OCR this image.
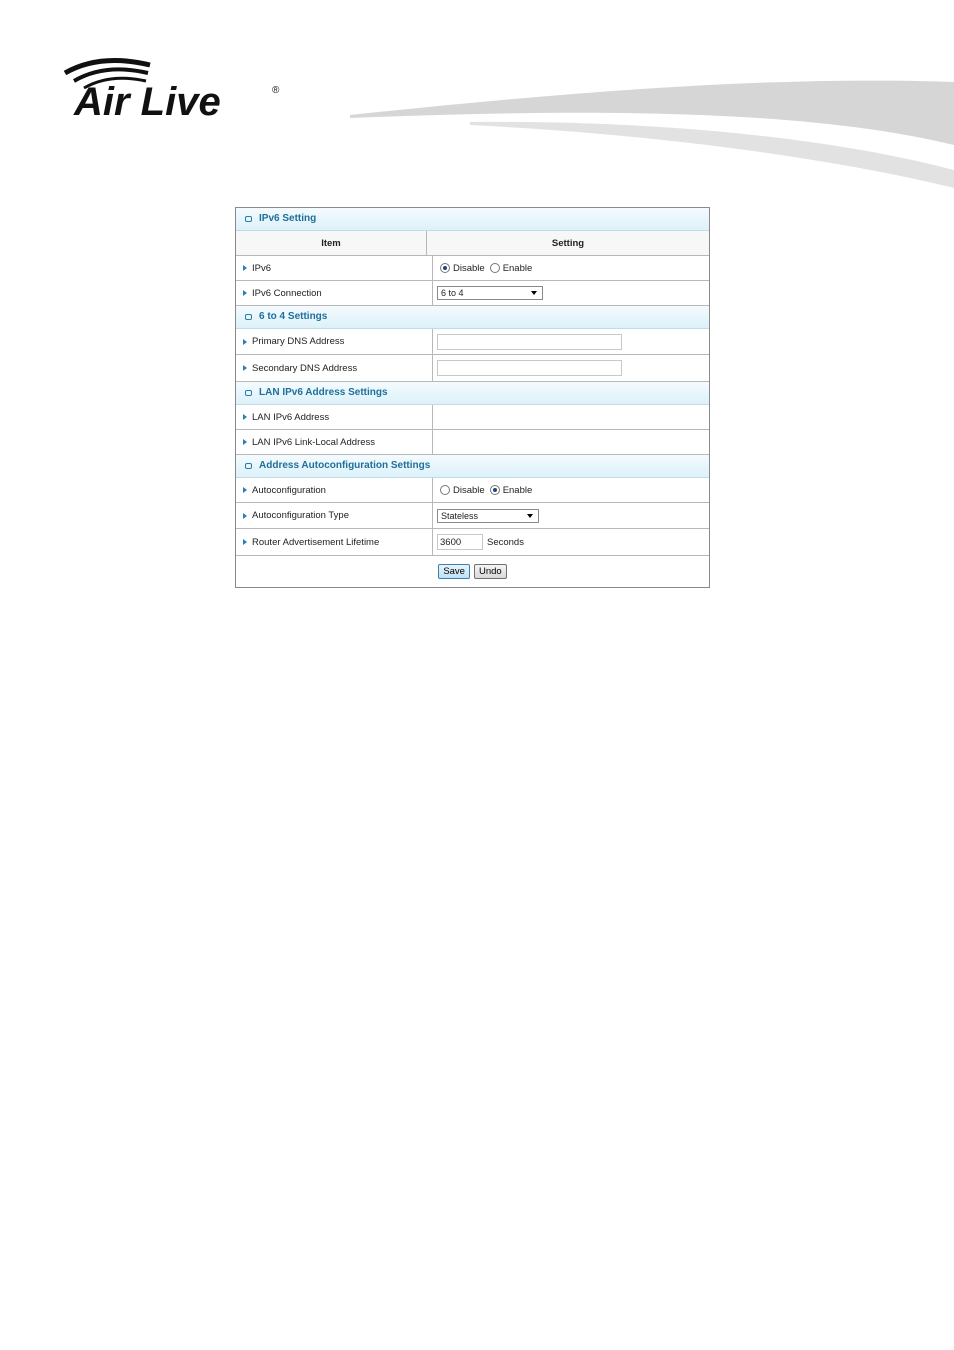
Air Live	®
IPv6 Setting
Item	Setting
IPv6	Disable Enable
IPv6 Connection	6 to 4
6 to 4 Settings
Primary DNS Address
Secondary DNS Address
LAN IPv6 Address Settings
LAN IPv6 Address
LAN IPv6 Link-Local Address
Address Autoconfiguration Settings
Autoconfiguration	Disable Enable
Autoconfiguration Type	Stateless
Router Advertisement Lifetime	3600	Seconds
Save	Undo
